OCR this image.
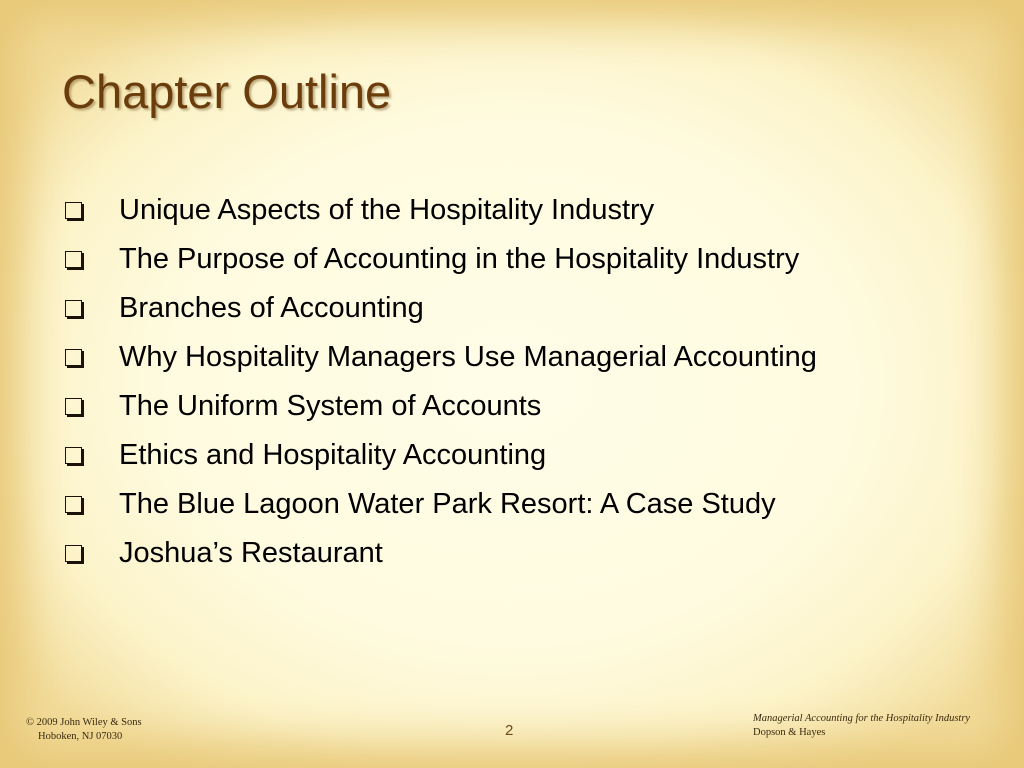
Chapter Outline
Unique Aspects of the Hospitality Industry
The Purpose of Accounting in the Hospitality Industry
Branches of Accounting
Why Hospitality Managers Use Managerial Accounting
The Uniform System of Accounts
Ethics and Hospitality Accounting
The Blue Lagoon Water Park Resort: A Case Study
Joshua’s Restaurant
© 2009 John Wiley & Sons
Hoboken, NJ 07030	2
Managerial Accounting for the Hospitality Industry
Dopson & Hayes
